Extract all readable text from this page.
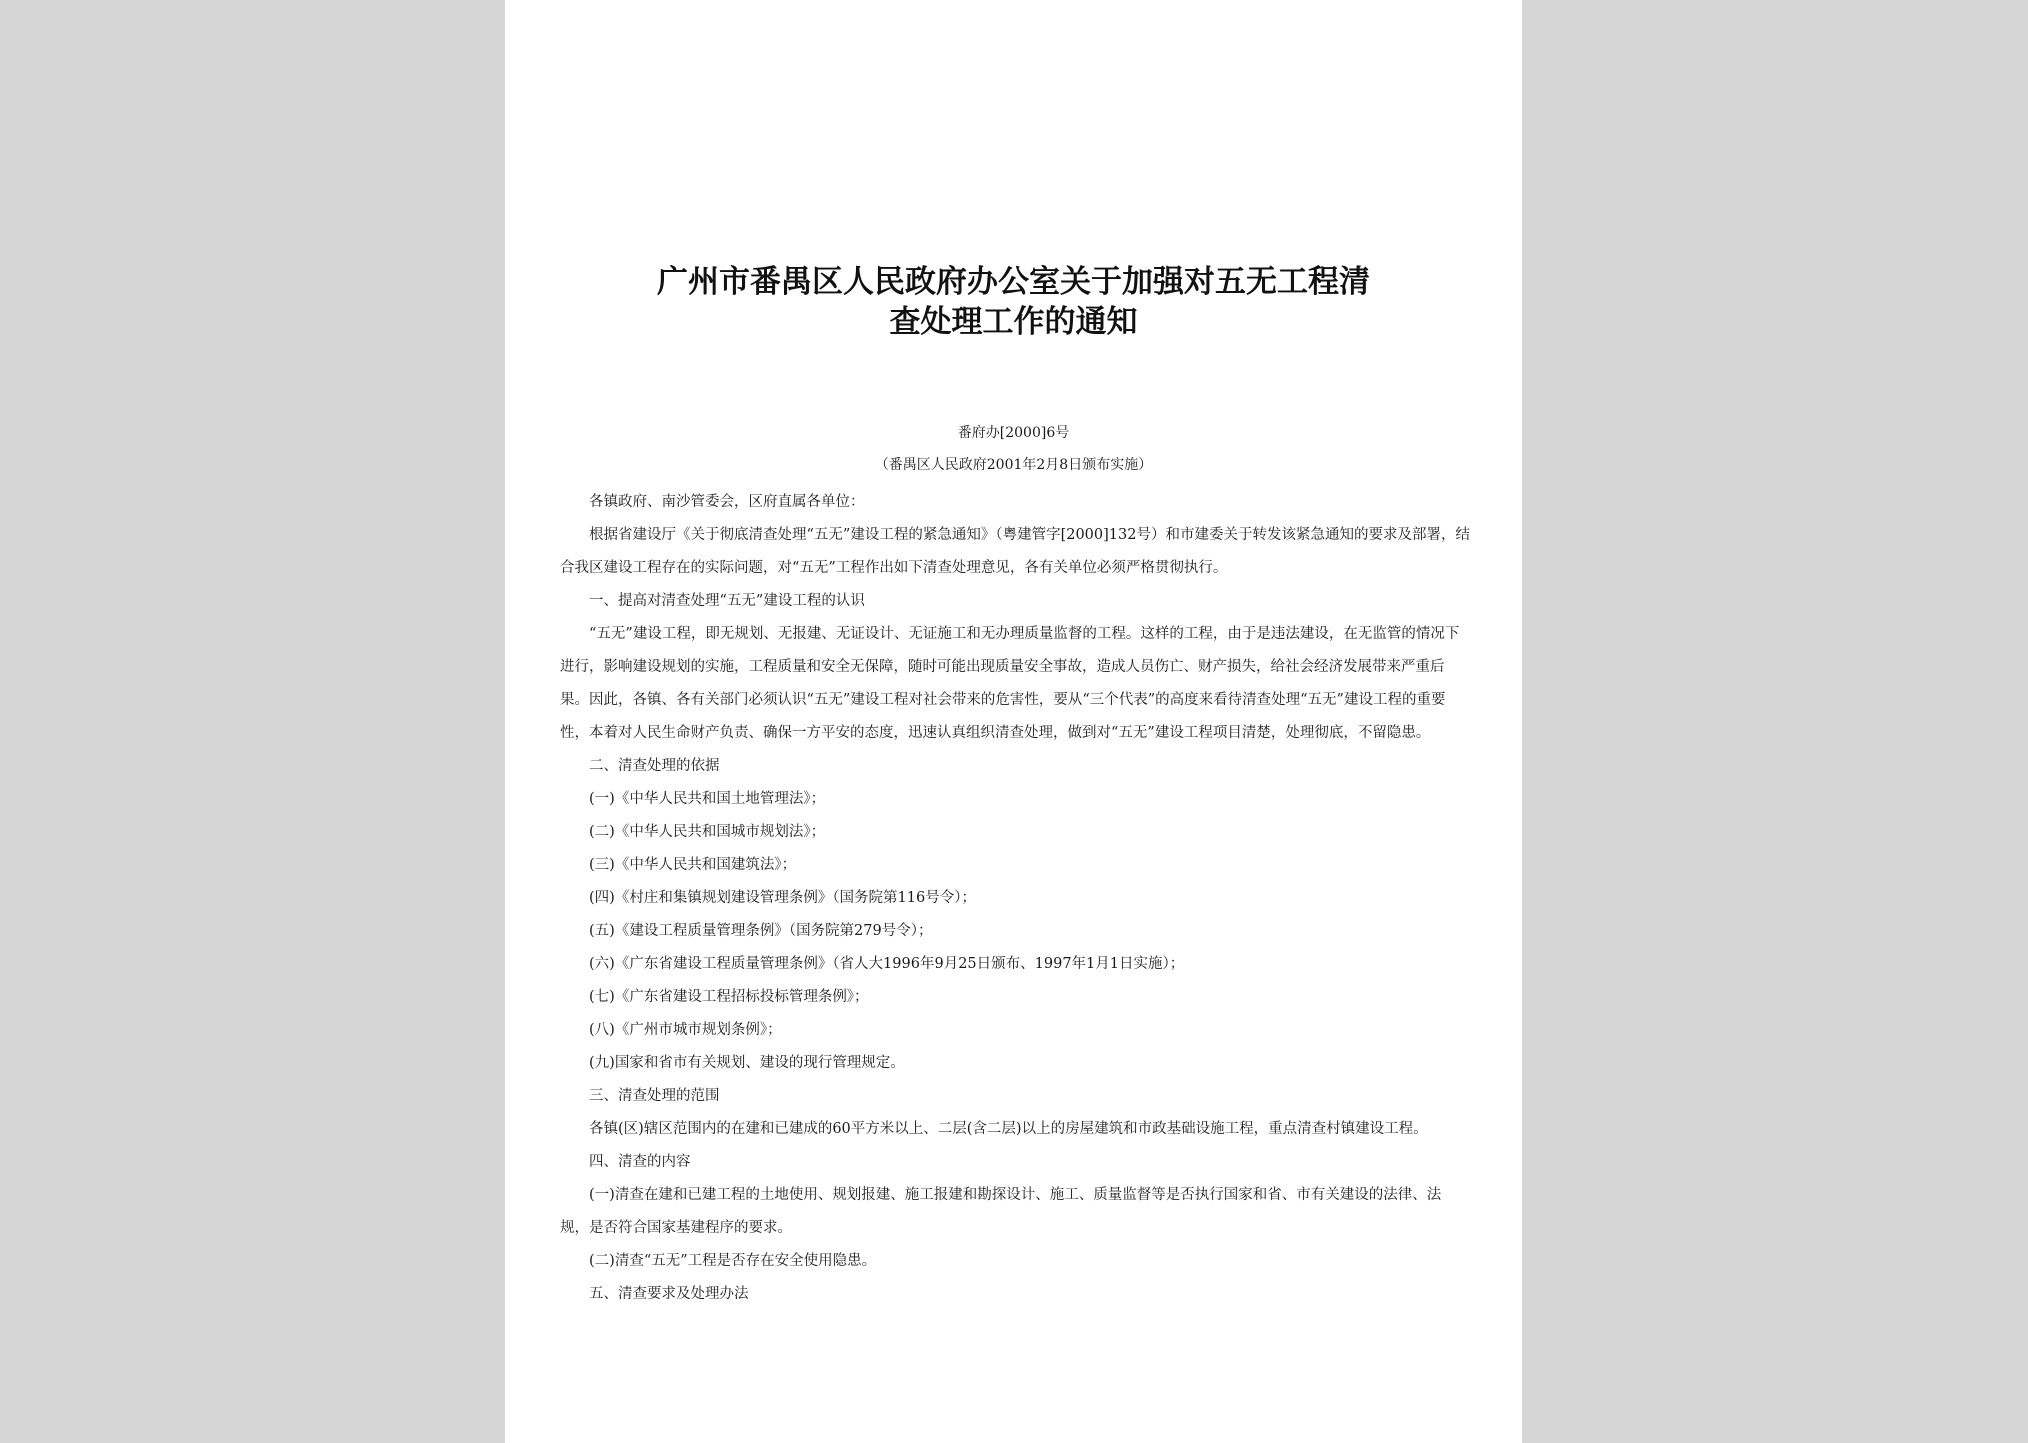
广州市番禺区人民政府办公室关于加强对五无工程清
查处理工作的通知

番府办[2000]6号

（番禺区人民政府2001年2月8日颁布实施）

各镇政府、南沙管委会，区府直属各单位：

根据省建设厅《关于彻底清查处理“五无”建设工程的紧急通知》（粤建管字[2000]132号）和市建委关于转发该紧急通知的要求及部署，结合我区建设工程存在的实际问题，对“五无”工程作出如下清查处理意见，各有关单位必须严格贯彻执行。

一、提高对清查处理“五无”建设工程的认识

“五无”建设工程，即无规划、无报建、无证设计、无证施工和无办理质量监督的工程。这样的工程，由于是违法建设，在无监管的情况下进行，影响建设规划的实施，工程质量和安全无保障，随时可能出现质量安全事故，造成人员伤亡、财产损失，给社会经济发展带来严重后果。因此，各镇、各有关部门必须认识“五无”建设工程对社会带来的危害性，要从“三个代表”的高度来看待清查处理“五无”建设工程的重要性，本着对人民生命财产负责、确保一方平安的态度，迅速认真组织清查处理，做到对“五无”建设工程项目清楚，处理彻底，不留隐患。

二、清查处理的依据

(一)《中华人民共和国土地管理法》；

(二)《中华人民共和国城市规划法》；

(三)《中华人民共和国建筑法》；

(四)《村庄和集镇规划建设管理条例》（国务院第116号令）；

(五)《建设工程质量管理条例》（国务院第279号令）；

(六)《广东省建设工程质量管理条例》（省人大1996年9月25日颁布、1997年1月1日实施）；

(七)《广东省建设工程招标投标管理条例》；

(八)《广州市城市规划条例》；

(九)国家和省市有关规划、建设的现行管理规定。

三、清查处理的范围

各镇(区)辖区范围内的在建和已建成的60平方米以上、二层(含二层)以上的房屋建筑和市政基础设施工程，重点清查村镇建设工程。

四、清查的内容

(一)清查在建和已建工程的土地使用、规划报建、施工报建和勘探设计、施工、质量监督等是否执行国家和省、市有关建设的法律、法规，是否符合国家基建程序的要求。

(二)清查“五无”工程是否存在安全使用隐患。

五、清查要求及处理办法
